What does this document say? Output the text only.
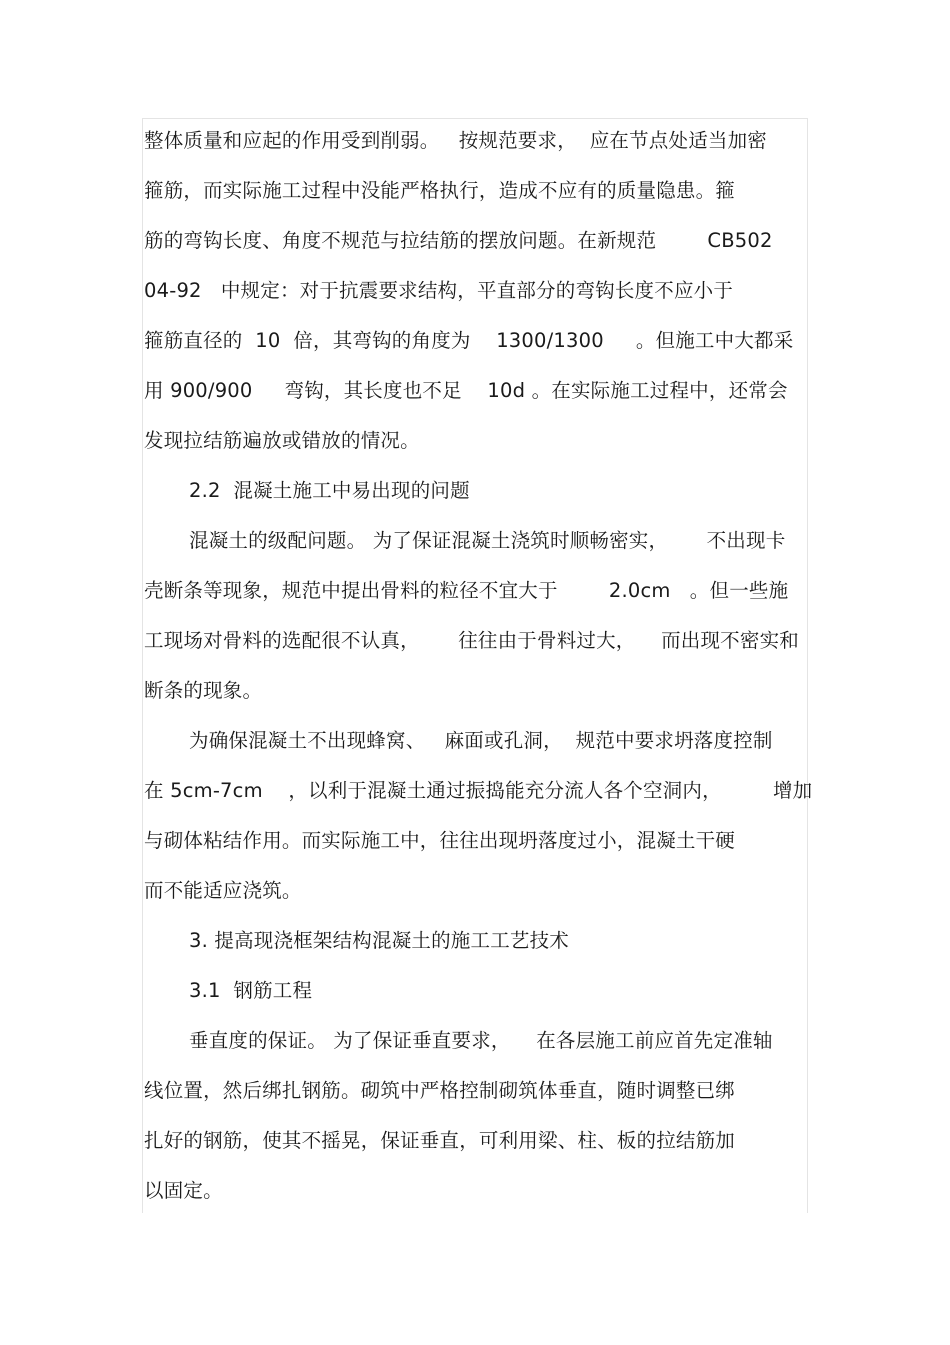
整体质量和应起的作用受到削弱。   按规范要求，  应在节点处适当加密
箍筋，而实际施工过程中没能严格执行，造成不应有的质量隐患。箍
筋的弯钩长度、角度不规范与拉结筋的摆放问题。在新规范        CB502
04-92   中规定：对于抗震要求结构，平直部分的弯钩长度不应小于
箍筋直径的  10  倍，其弯钩的角度为    1300/1300     。但施工中大都采
用 900/900     弯钩，其长度也不足    10d 。在实际施工过程中，还常会
发现拉结筋遍放或错放的情况。
2.2  混凝土施工中易出现的问题
混凝土的级配问题。 为了保证混凝土浇筑时顺畅密实，      不出现卡
壳断条等现象，规范中提出骨料的粒径不宜大于        2.0cm   。但一些施
工现场对骨料的选配很不认真，      往往由于骨料过大，    而出现不密实和
断条的现象。
为确保混凝土不出现蜂窝、   麻面或孔洞，  规范中要求坍落度控制
在 5cm-7cm    ，以利于混凝土通过振捣能充分流人各个空洞内，        增加
与砌体粘结作用。而实际施工中，往往出现坍落度过小，混凝土干硬
而不能适应浇筑。
3. 提高现浇框架结构混凝土的施工工艺技术
3.1  钢筋工程
垂直度的保证。 为了保证垂直要求，    在各层施工前应首先定准轴
线位置，然后绑扎钢筋。砌筑中严格控制砌筑体垂直，随时调整已绑
扎好的钢筋，使其不摇晃，保证垂直，可利用梁、柱、板的拉结筋加
以固定。
